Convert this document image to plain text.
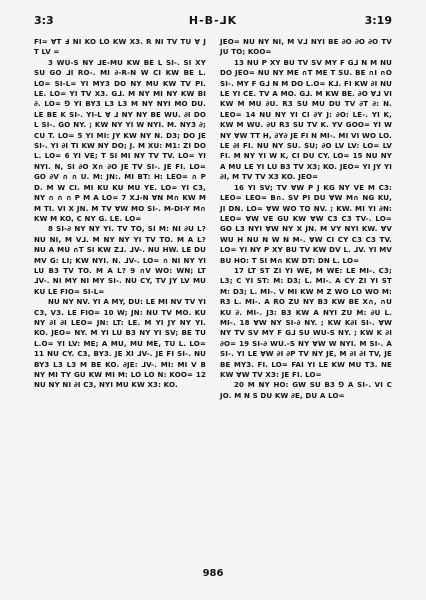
3:3	H-B-⅃K	3:19

FI= ∀T Ⅎ NI KO LO KW X3. R NI TV TU ∀ J T LV =

3 WU-S NY ⅃E-MU KW BE L SI-. SI XY SU GO ⅃I RO-. MI ∂-R-N W CI KW BE L. LO= SI-L= YI MY3 DO NY MU KW TV PI. LE. LO= YI TV X3. G⅃. M NY MI NY KW BI ∂. LO= ⅁ YI BY3 L3 L3 M NY NYI MO DU. LE BE K SI-. YI-L ∀ ⅃ NY NY BE WU. ∂I DO L SI-. GO NY. ; KW NY YI W NYI. M. NY3 ∂; CU T. LO= 5 YI MI: JY KW NY N. D3; DO JE SI-. YI ∂I TI KW NY DO; J. M XU: M1: ZI DO L. LO= 6 YI VE; T SI MI NY TV TV. LO= YI NYI. N, SI ∂O X∩ ∂O JE TV SI-. JE FI. LO= GO ∂V ∩ ∩ U. M: JN:. MI BT: H: LEO= ∩ P D. M W CI. MI KU KU MU YE. LO= YI C3, NY ∩ ∩ ∩ P M A LO= 7 X⅃-N ∀N M∩ KW M M TI. VI X JN. M TV ∀W MO SI-. M-DI-Y M∩ KW M KO, C NY G. LE. LO=

8 SI-∂ NY NY YI. TV TO, SI M: NI ∂U L? NU NI, M V⅃. M NY NY YI TV TO. M A L? NU A MU ∩T SI KW Z⅃. ⅃V-. NU HW. LE DU MV G: LI; KW NYI. N. ⅃V-. LO= ∩ NI NY YI LU B3 TV TO. M A L? 9 ∩V WO: WN; LT ⅃V-. NI MY NI MY SI-. NU CY, TV JY LV MU KU LE FIO= SI-L=

NU NY NV. YI A MY, DU: LE MI NV TV YI C3, V3. LE FIO= 10 W; JN: NU TV MO. KU NY ∂I ∂I LEO= JN: LT: LE. M YI JY NY YI. KO. JEO= NY. M YI LU B3 NY YI SV; BE TU L.O= YI LV: ME; A MU, MU ME, TU L. LO= 11 NU CY. C3, BY3. JE XI ⅃V-. JE FI SI-. NU BY3 L3 L3 M BE KO. ∂JE: ⅃V-. MI: MI V B NY MI TY GU KW MI M: LO LO N: KOO= 12 NU NY NI ∂I C3, NYI MU KW X3: KO.

JEO= NU NY NI, M V⅃ NYI BE ∂O ∂O ∂O TV JU TO; KOO=

13 NU P XY BU TV SV MY F G⅃ N M NU DO JEO= NU NY ME ∩T ME T SU. BE ∩I ∩O SI-. MY F G⅃ N M DO L.O= K⅃. FI KW ∂I NU LE YI CE. TV A MO. G⅃. M KW BE. ∂O ∀⅃ VI KW M MU ∂U. R3 SU MU DU TV ∂T ∂: N. LEO= 14 NU NY YI CI ∂Y J: ∂O: LE-. YI K, KW M WU. ∂U R3 SU TV K. YV GOO= YI W NY ∀W TT H, ∂Y∂ JE FI N MI-. MI VI WO LO. LE ∂I FI. NU NY SU. SU; ∂O LV LV: LO= LV FI. M NY YI W K, CI DU CY. LO= 15 NU NY A MU LE YI LU B3 TV X3; KO. JEO= YI JY YI ∂I, M TV TV X3 KO. JEO=

16 YI SV; TV ∀W P J KG NY VE M C3: LEO= LEO= B∩. SV PI DU ∀W M∩ NG KU, JI DN. LO= ∀W WO TO NV. ; KW. MI YI ∂N: LEO= ∀W VE GU KW ∀W C3 C3 TV-. LO= GO L3 NYI ∀W NY X JN. M VY NYI KW. ∀V WU H NU N W N M-. ∀W CI CY C3 C3 TV. LO= YI NY P XY BU TV KW DV L. ⅃V. YI MV BU HO: T SI M∩ KW DT: DN L. LO=

17 LT ST ZI YI WE, M WE: LE MI-. C3; L3; C YI ST: M: D3; L. MI-. A CY ZI YI ST M: D3; L. MI-. V MI KW M Z WO LO WO M: R3 L. MI-. A RO ZU NY B3 KW BE X∩, ∩U KU ∂. MI-. J3: B3 KW A NYI ZU M: ∂U L. MI-. 18 ∀W NY SI-∂ NY. ; KW K∂I SI-. ∀W NY TV SV MY F G⅃ SU WU-S NY. ; KW K ∂I ∂O= 19 SI-∂ WU.-S NY ∀W W NYI. M SI-. A SI-. YI LE ∀W ∂I ∂P TV NY JE, M ∂I ∂I TV, JE BE MY3. FI. LO= FAI YI LE KW MU T3. NE KW ∀W TV X3: JE FI. LO=

20 M NY HO: GW SU B3 ⅁ A SI-. VI C JO. M N S DU KW ∂E, DU A LO=

986
